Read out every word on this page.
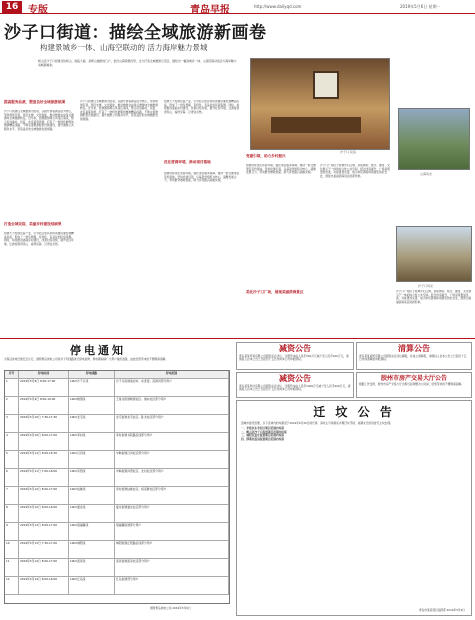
16 专版	青岛早报	http://www.dailyqd.com	2019年5月6日 星期一
沙子口街道：描绘全域旅游新画卷
构建景城乡一体、山海空联动的 活力海岸魅力景城
崂山区沙子口街道北依崂山，南临大海，是崂山旅游的门户，依托山海资源优势，全力打造全域旅游示范区，描绘出一幅景城乡一体、山海空联动的活力海岸魅力景城新画卷。
沙子口·民宿
山海风光
沙子口风光
提高服务品质，塑造良好全域旅游氛围
沙子口街道以全域旅游为统领，以提升游客满意度为核心，坚持规划引领、项目支撑、文化赋能，推动旅游业由景点旅游向全域旅游转变。近年来，街道围绕崂山风景区南线，整合沿线渔村、民宿、农家宴等资源，打造了一批特色鲜明的旅游精品线路，不断完善旅游配套设施建设，提升旅游公共服务水平，营造良好的全域旅游发展氛围。
打造全域民宿，美丽乡村建设结硕果
街道大力发展民宿产业，引导社区居民利用闲置房屋发展精品民宿，形成了一批有规模、有特色、有品位的民宿集群。同时，持续推进美丽乡村建设，改善村容村貌，提升社区环境，让游客望得见山、看得见海、记得住乡愁。
沙子口街道以全域旅游为统领，以提升游客满意度为核心，坚持规划引领、项目支撑、文化赋能，推动旅游业由景点旅游向全域旅游转变。近年来，街道围绕崂山风景区南线，整合沿线渔村、民宿、农家宴等资源，打造了一批特色鲜明的旅游精品线路，不断完善旅游配套设施建设，提升旅游公共服务水平，营造良好的全域旅游发展氛围。
优化营商环境，推动项目落地
街道持续优化营商环境，强化项目服务保障，推动一批文旅项目签约落地。坚持党建引领，以基层党组织为核心，凝聚发展合力，带动群众增收致富，助力乡村振兴战略实施。
街道大力发展民宿产业，引导社区居民利用闲置房屋发展精品民宿，形成了一批有规模、有特色、有品位的民宿集群。同时，持续推进美丽乡村建设，改善村容村貌，提升社区环境，让游客望得见山、看得见海、记得住乡愁。
党建引领，助力乡村振兴
街道持续优化营商环境，强化项目服务保障，推动一批文旅项目签约落地。坚持党建引领，以基层党组织为核心，凝聚发展合力，带动群众增收致富，助力乡村振兴战略实施。
沙子口广场位于街道中心区域，是集休闲、娱乐、健身、文化展示于一体的综合性公共空间。经过改造提升，广场景观更加优美，功能更加完善，成为市民游客休闲游览的好去处，展现出美丽滨海景区的新形象。
美化沙子口广场，展现美丽滨海景区	沙子口广场位于街道中心区域，是集休闲、娱乐、健身、文化展示于一体的综合性公共空间。经过改造提升，广场景观更加优美，功能更加完善，成为市民游客休闲游览的好去处，展现出美丽滨海景区的新形象。
停电通知
为保证供电设施安全运行，国网青岛供电公司将对下列线路进行停电检修，停电期间请广大用户做好准备，由此给您带来的不便敬请谅解。
序号	停电时间	停电线路	停电范围
1	2019年5月9日 8:00-17:00	10kV沙子口线	沙子口街道南北岭、东麦窑、流清河部分用户
2	2019年5月9日 8:00-16:00	10kV晓望线	王哥庄街道晓望社区、港东社区部分用户
3	2019年5月10日 7:30-17:30	10kV北宅线	北宅街道北宅社区、卧龙社区部分用户
4	2019年5月10日 8:00-17:00	10kV李村线	李村街道书院路沿线部分用户
5	2019年5月11日 8:00-16:30	10kV汉河线	中韩街道汉河社区部分用户
6	2019年5月11日 7:00-18:00	10kV河西线	中韩街道河西社区、北村社区部分用户
7	2019年5月12日 8:00-17:00	10kV枯桃线	李村街道枯桃社区、杨家群社区部分用户
8	2019年5月12日 8:00-16:00	10kV夏庄线	夏庄街道夏庄社区部分用户
9	2019年5月13日 8:00-17:00	10kV惜福镇线	惜福镇街道部分用户
10	2019年5月13日 7:30-17:00	10kV城阳线	城阳街道正阳路沿线部分用户
11	2019年5月14日 8:00-17:00	10kV流亭线	流亭街道流亭社区部分用户
12	2019年5月14日 8:00-16:00	10kV红岛线	红岛街道部分用户
国网青岛供电公司 2019年5月6日
减资公告
青岛某某贸易有限公司经股东会决议，注册资本由人民币500万元减少至人民币100万元，请债权人自本公告之日起四十五日内向本公司申报债权。
清算公告
青岛某某商贸有限公司经股东会决议解散，并成立清算组，请债权人自本公告之日起四十五日内向清算组申报债权。
减资公告
青岛某某科技有限公司经股东会决议，注册资本由人民币1000万元减少至人民币200万元，请债权人自本公告之日起四十五日内向本公司申报债权。
胶州市房产交易大厅公告
根据工作安排，胶州市房产交易大厅自即日起调整办公时间，给您带来的不便敬请谅解。
迁 坟 公 告
因城市建设需要，以下区域内的坟墓需于2019年6月30日前迁移，请坟主尽快联系办理迁坟手续，逾期未迁的将按无主坟处理。
一、李沧区东李社区项目范围内坟墓
二、崂山区沙子口街道项目范围内坟墓
三、城阳区夏庄街道项目范围内坟墓
四、即墨区温泉街道项目范围内坟墓
青岛市某某项目指挥部 2019年5月6日
